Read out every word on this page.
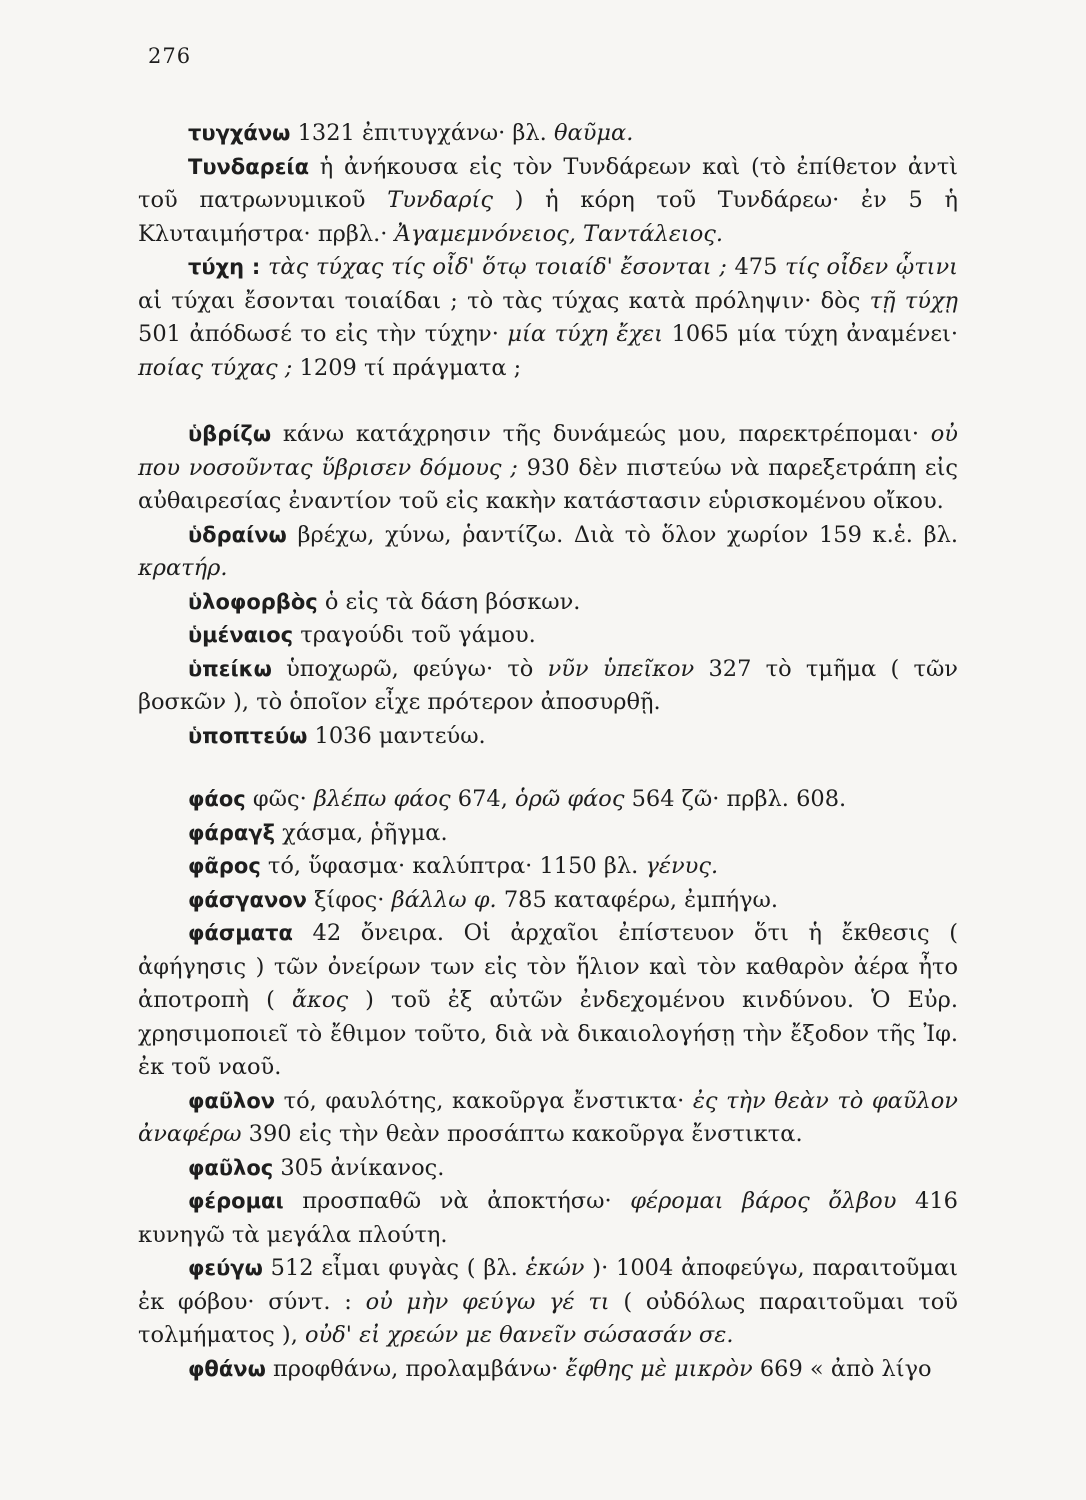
276

τυγχάνω 1321 ἐπιτυγχάνω· βλ. θαῦμα.

Τυνδαρεία ἡ ἀνήκουσα εἰς τὸν Τυνδάρεων καὶ (τὸ ἐπίθετον ἀντὶ τοῦ πατρωνυμικοῦ Τυνδαρίς ) ἡ κόρη τοῦ Τυνδάρεω· ἐν 5 ἡ Κλυταιμήστρα· πρβλ.· Ἀγαμεμνόνειος, Ταντάλειος.

τύχη : τὰς τύχας τίς οἶδ' ὅτῳ τοιαίδ' ἔσονται ; 475 τίς οἶδεν ᾧτινι αἱ τύχαι ἔσονται τοιαίδαι ; τὸ τὰς τύχας κατὰ πρόληψιν· δὸς τῇ τύχῃ 501 ἀπόδωσέ το εἰς τὴν τύχην· μία τύχη ἔχει 1065 μία τύχη ἀναμένει· ποίας τύχας ; 1209 τί πράγματα ;

ὑβρίζω κάνω κατάχρησιν τῆς δυνάμεώς μου, παρεκτρέπομαι· οὐ που νοσοῦντας ὕβρισεν δόμους ; 930 δὲν πιστεύω νὰ παρεξετράπη εἰς αὐθαιρεσίας ἐναντίον τοῦ εἰς κακὴν κατάστασιν εὑρισκομένου οἴκου.

ὑδραίνω βρέχω, χύνω, ῥαντίζω. Διὰ τὸ ὅλον χωρίον 159 κ.ἑ. βλ. κρατήρ.

ὑλοφορβὸς ὁ εἰς τὰ δάση βόσκων.

ὑμέναιος τραγούδι τοῦ γάμου.

ὑπείκω ὑποχωρῶ, φεύγω· τὸ νῦν ὑπεῖκον 327 τὸ τμῆμα ( τῶν βοσκῶν ), τὸ ὁποῖον εἶχε πρότερον ἀποσυρθῇ.

ὑποπτεύω 1036 μαντεύω.

φάος φῶς· βλέπω φάος 674, ὁρῶ φάος 564 ζῶ· πρβλ. 608.

φάραγξ χάσμα, ῥῆγμα.

φᾶρος τό, ὕφασμα· καλύπτρα· 1150 βλ. γένυς.

φάσγανον ξίφος· βάλλω φ. 785 καταφέρω, ἐμπήγω.

φάσματα 42 ὄνειρα. Οἱ ἀρχαῖοι ἐπίστευον ὅτι ἡ ἔκθεσις ( ἀφήγησις ) τῶν ὀνείρων των εἰς τὸν ἥλιον καὶ τὸν καθαρὸν ἀέρα ἦτο ἀποτροπὴ ( ἄκος ) τοῦ ἐξ αὐτῶν ἐνδεχομένου κινδύνου. Ὁ Εὐρ. χρησιμοποιεῖ τὸ ἔθιμον τοῦτο, διὰ νὰ δικαιολογήσῃ τὴν ἔξοδον τῆς Ἰφ. ἐκ τοῦ ναοῦ.

φαῦλον τό, φαυλότης, κακοῦργα ἔνστικτα· ἐς τὴν θεὰν τὸ φαῦλον ἀναφέρω 390 εἰς τὴν θεὰν προσάπτω κακοῦργα ἔνστικτα.

φαῦλος 305 ἀνίκανος.

φέρομαι προσπαθῶ νὰ ἀποκτήσω· φέρομαι βάρος ὄλβου 416 κυνηγῶ τὰ μεγάλα πλούτη.

φεύγω 512 εἶμαι φυγὰς ( βλ. ἑκών )· 1004 ἀποφεύγω, παραιτοῦμαι ἐκ φόβου· σύντ. : οὐ μὴν φεύγω γέ τι ( οὐδόλως παραιτοῦμαι τοῦ τολμήματος ), οὐδ' εἰ χρεών με θανεῖν σώσασάν σε.

φθάνω προφθάνω, προλαμβάνω· ἔφθης μὲ μικρὸν 669 « ἀπὸ λίγο
